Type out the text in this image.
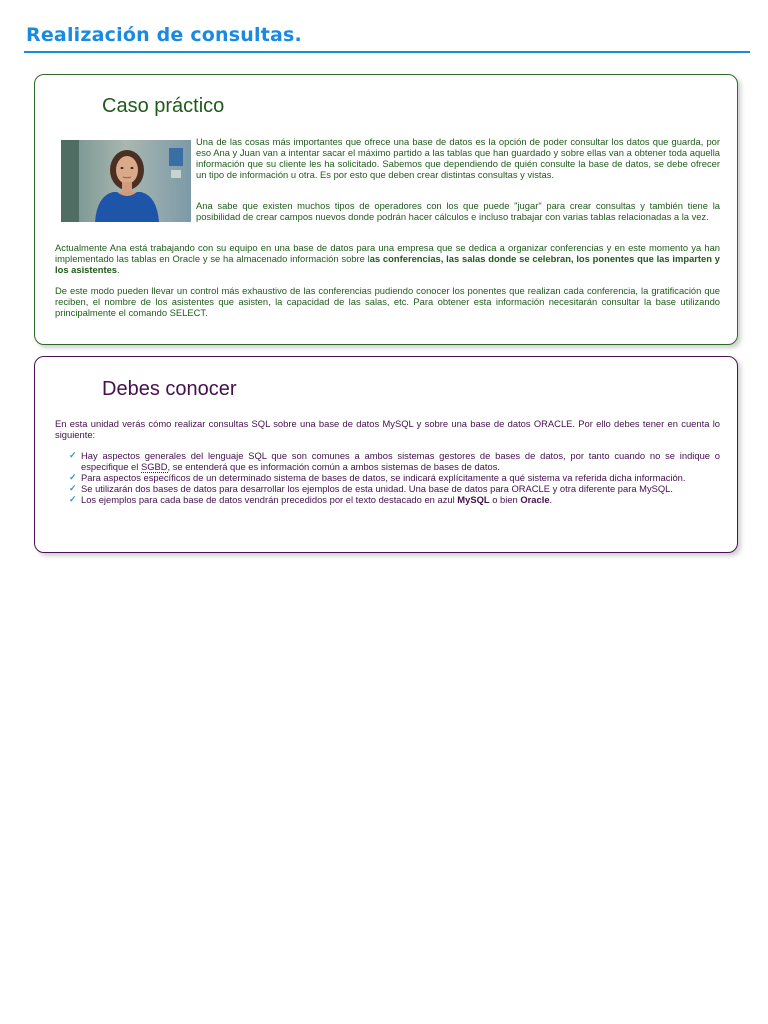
Realización de consultas.
Caso práctico

Una de las cosas más importantes que ofrece una base de datos es la opción de poder consultar los datos que guarda, por eso Ana y Juan van a intentar sacar el máximo partido a las tablas que han guardado y sobre ellas van a obtener toda aquella información que su cliente les ha solicitado. Sabemos que dependiendo de quién consulte la base de datos, se debe ofrecer un tipo de información u otra. Es por esto que deben crear distintas consultas y vistas.

Ana sabe que existen muchos tipos de operadores con los que puede "jugar" para crear consultas y también tiene la posibilidad de crear campos nuevos donde podrán hacer cálculos e incluso trabajar con varias tablas relacionadas a la vez.

Actualmente Ana está trabajando con su equipo en una base de datos para una empresa que se dedica a organizar conferencias y en este momento ya han implementado las tablas en Oracle y se ha almacenado información sobre las conferencias, las salas donde se celebran, los ponentes que las imparten y los asistentes.

De este modo pueden llevar un control más exhaustivo de las conferencias pudiendo conocer los ponentes que realizan cada conferencia, la gratificación que reciben, el nombre de los asistentes que asisten, la capacidad de las salas, etc. Para obtener esta información necesitarán consultar la base utilizando principalmente el comando SELECT.

Debes conocer

En esta unidad verás cómo realizar consultas SQL sobre una base de datos MySQL y sobre una base de datos ORACLE. Por ello debes tener en cuenta lo siguiente:

✓ Hay aspectos generales del lenguaje SQL que son comunes a ambos sistemas gestores de bases de datos, por tanto cuando no se indique o especifique el SGBD, se entenderá que es información común a ambos sistemas de bases de datos.
✓ Para aspectos específicos de un determinado sistema de bases de datos, se indicará explícitamente a qué sistema va referida dicha información.
✓ Se utilizarán dos bases de datos para desarrollar los ejemplos de esta unidad. Una base de datos para ORACLE y otra diferente para MySQL.
✓ Los ejemplos para cada base de datos vendrán precedidos por el texto destacado en azul MySQL o bien Oracle.
